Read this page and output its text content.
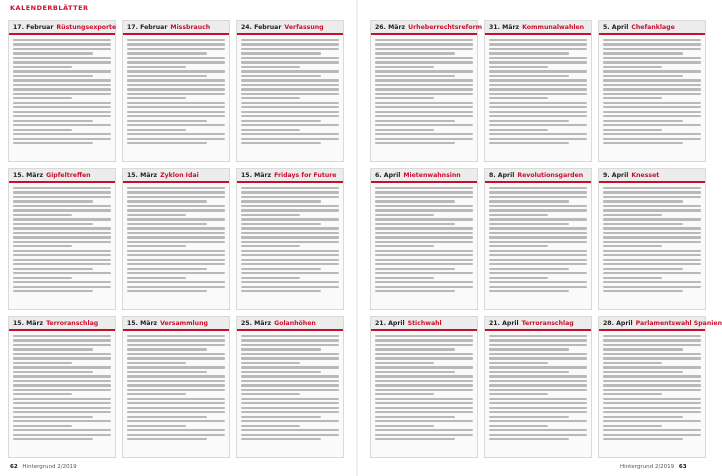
KALENDERBLÄTTER
17. Februar Rüstungsexporte 17. Februar Missbrauch	24. Februar Verfassung
15. März Gipfeltreffen	15. März Zyklon Idai	15. März Fridays for Future
15. März Terroranschlag	15. März Versammlung	25. März Golanhöhen
26. März Urheberrechtsreform 31. März Kommunalwahlen	5. April Chefanklage
6. April Mietenwahnsinn	8. April Revolutionsgarden	9. April Knesset
21. April Stichwahl	21. April Terroranschlag	28. April Parlamentswahl Spanien
62 Hintergrund 2/2019	Hintergrund 2/2019 63
